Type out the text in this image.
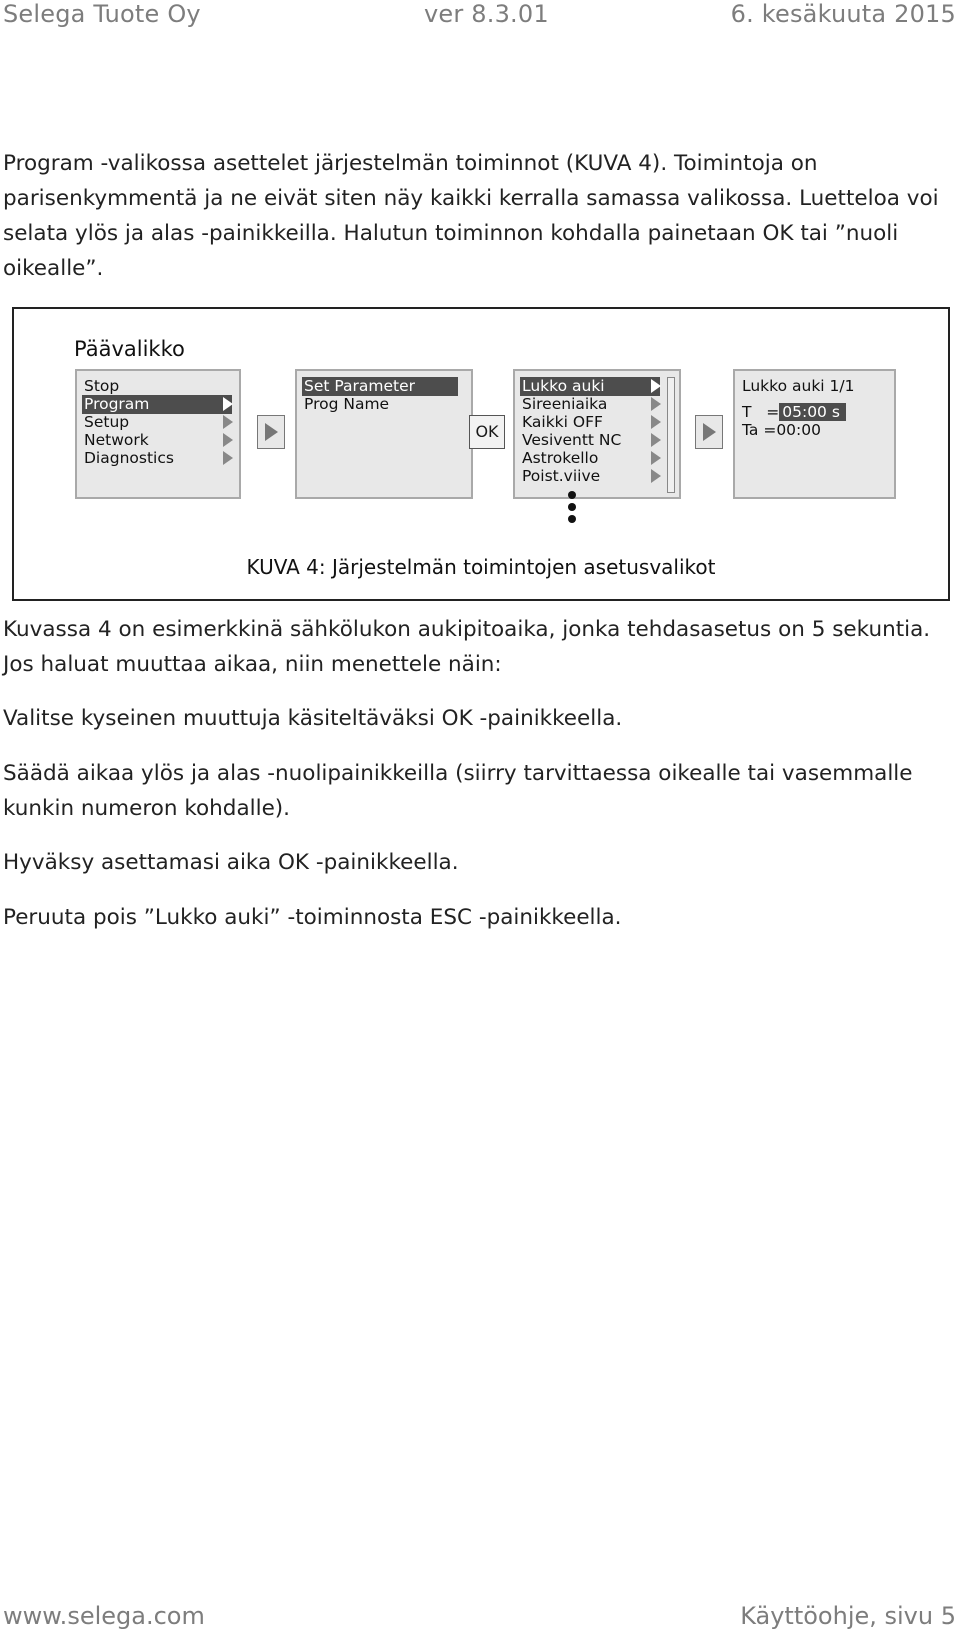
Selega Tuote Oy	ver 8.3.01	6. kesäkuuta 2015

Program -valikossa asettelet järjestelmän toiminnot (KUVA 4). Toimintoja on parisenkymmentä ja ne eivät siten näy kaikki kerralla samassa valikossa. Luetteloa voi selata ylös ja alas -painikkeilla. Halutun toiminnon kohdalla painetaan OK tai ”nuoli oikealle”.

Päävalikko
Stop
Program
Setup
Network
Diagnostics
Set Parameter
Prog Name
OK
Lukko auki
Sireeniaika
Kaikki OFF
Vesiventt NC
Astrokello
Poist.viive
Lukko auki 1/1
T   = 05:00 s
Ta =00:00
KUVA 4: Järjestelmän toimintojen asetusvalikot

Kuvassa 4 on esimerkkinä sähkölukon aukipitoaika, jonka tehdasasetus on 5 sekuntia. Jos haluat muuttaa aikaa, niin menettele näin:

Valitse kyseinen muuttuja käsiteltäväksi OK -painikkeella.

Säädä aikaa ylös ja alas -nuolipainikkeilla (siirry tarvittaessa oikealle tai vasemmalle kunkin numeron kohdalle).

Hyväksy asettamasi aika OK -painikkeella.

Peruuta pois ”Lukko auki” -toiminnosta ESC -painikkeella.

www.selega.com	Käyttöohje, sivu 5
